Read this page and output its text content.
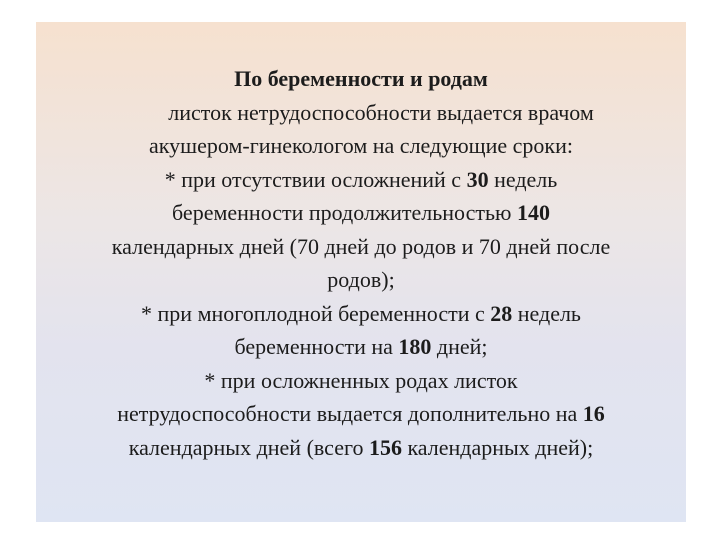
По беременности и родам
листок нетрудоспособности выдается врачом
акушером-гинекологом на следующие сроки:
* при отсутствии осложнений с 30 недель
беременности продолжительностью 140
календарных дней (70 дней до родов и 70 дней после
родов);
* при многоплодной беременности с 28 недель
беременности на 180 дней;
* при осложненных родах листок
нетрудоспособности выдается дополнительно на 16
календарных дней (всего 156 календарных дней);
